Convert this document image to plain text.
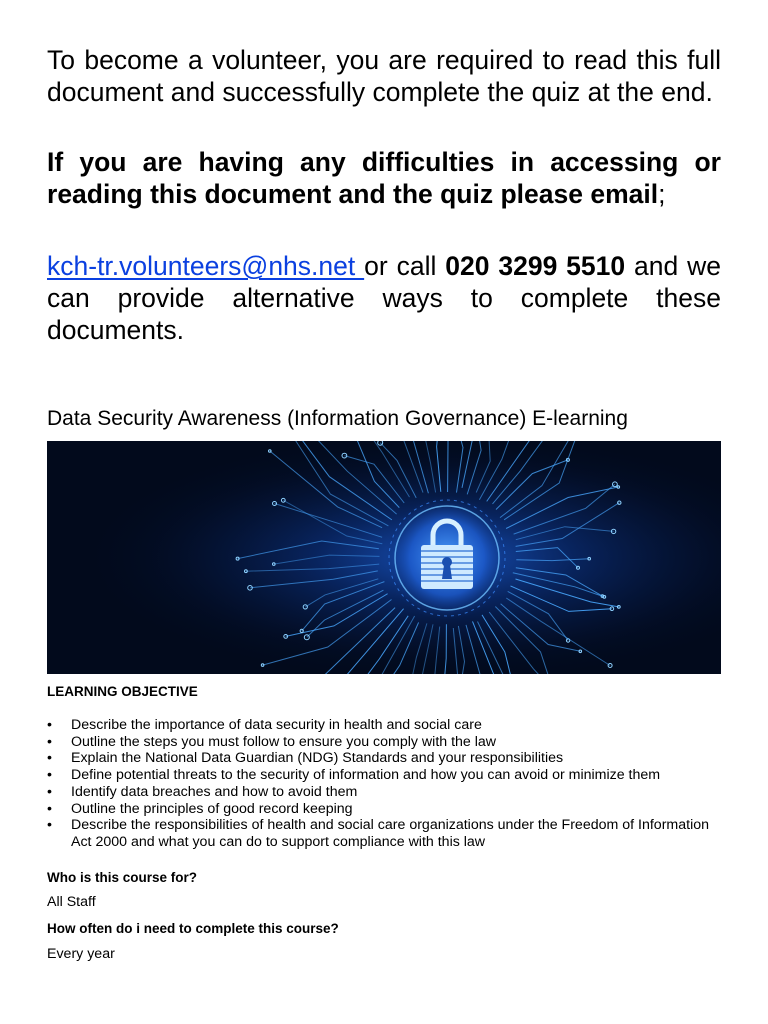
To become a volunteer, you are required to read this full document and successfully complete the quiz at the end.

If you are having any difficulties in accessing or reading this document and the quiz please email;

kch-tr.volunteers@nhs.net or call 020 3299 5510 and we can provide alternative ways to complete these documents.

Data Security Awareness (Information Governance) E-learning

LEARNING OBJECTIVE

•	Describe the importance of data security in health and social care
•	Outline the steps you must follow to ensure you comply with the law
•	Explain the National Data Guardian (NDG) Standards and your responsibilities
•	Define potential threats to the security of information and how you can avoid or minimize them
•	Identify data breaches and how to avoid them
•	Outline the principles of good record keeping
•	Describe the responsibilities of health and social care organizations under the Freedom of Information Act 2000 and what you can do to support compliance with this law

Who is this course for?

All Staff

How often do i need to complete this course?

Every year
